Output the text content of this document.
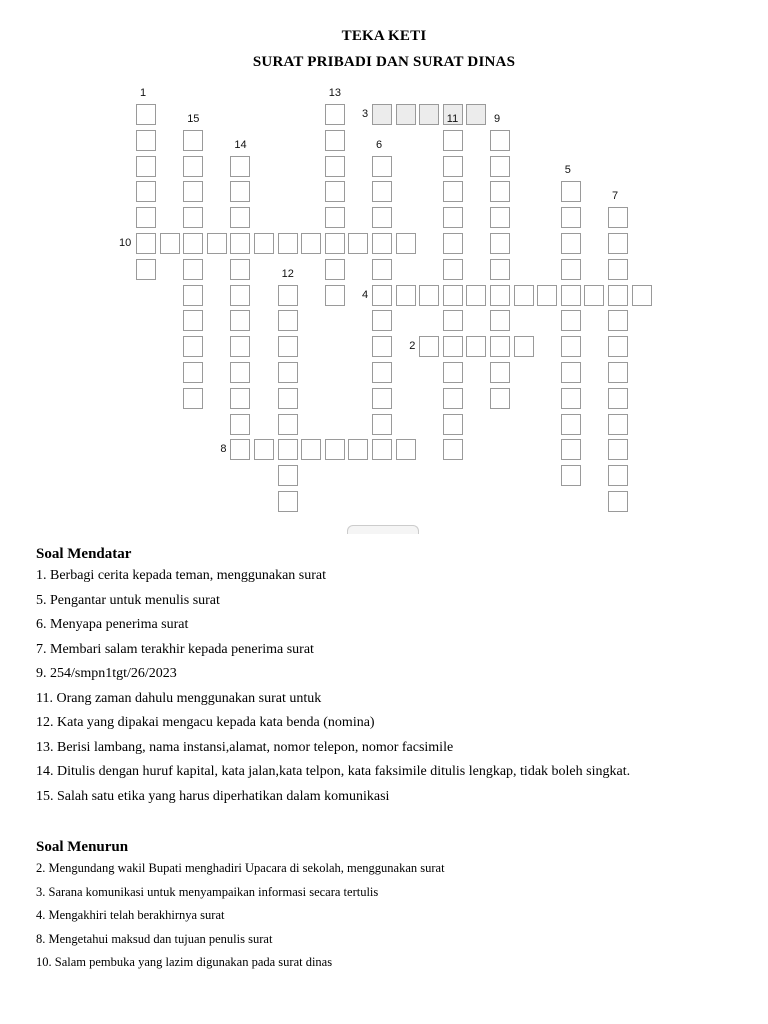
TEKA KETI
SURAT PRIBADI DAN SURAT DINAS
1
15
14
13
6
11	9
5
7
12
3
10
4
2
8
Soal Mendatar
1. Berbagi cerita kepada teman, menggunakan surat
5. Pengantar untuk menulis surat
6. Menyapa penerima surat
7. Membari salam terakhir kepada penerima surat
9. 254/smpn1tgt/26/2023
11. Orang zaman dahulu menggunakan surat untuk
12. Kata yang dipakai mengacu kepada kata benda (nomina)
13. Berisi lambang, nama instansi,alamat, nomor telepon, nomor facsimile
14. Ditulis dengan huruf kapital, kata jalan,kata telpon, kata faksimile ditulis lengkap, tidak boleh singkat.
15. Salah satu etika yang harus diperhatikan dalam komunikasi
Soal Menurun
2. Mengundang wakil Bupati menghadiri Upacara di sekolah, menggunakan surat
3. Sarana komunikasi untuk menyampaikan informasi secara tertulis
4. Mengakhiri telah berakhirnya surat
8. Mengetahui maksud dan tujuan penulis surat
10. Salam pembuka yang lazim digunakan pada surat dinas
